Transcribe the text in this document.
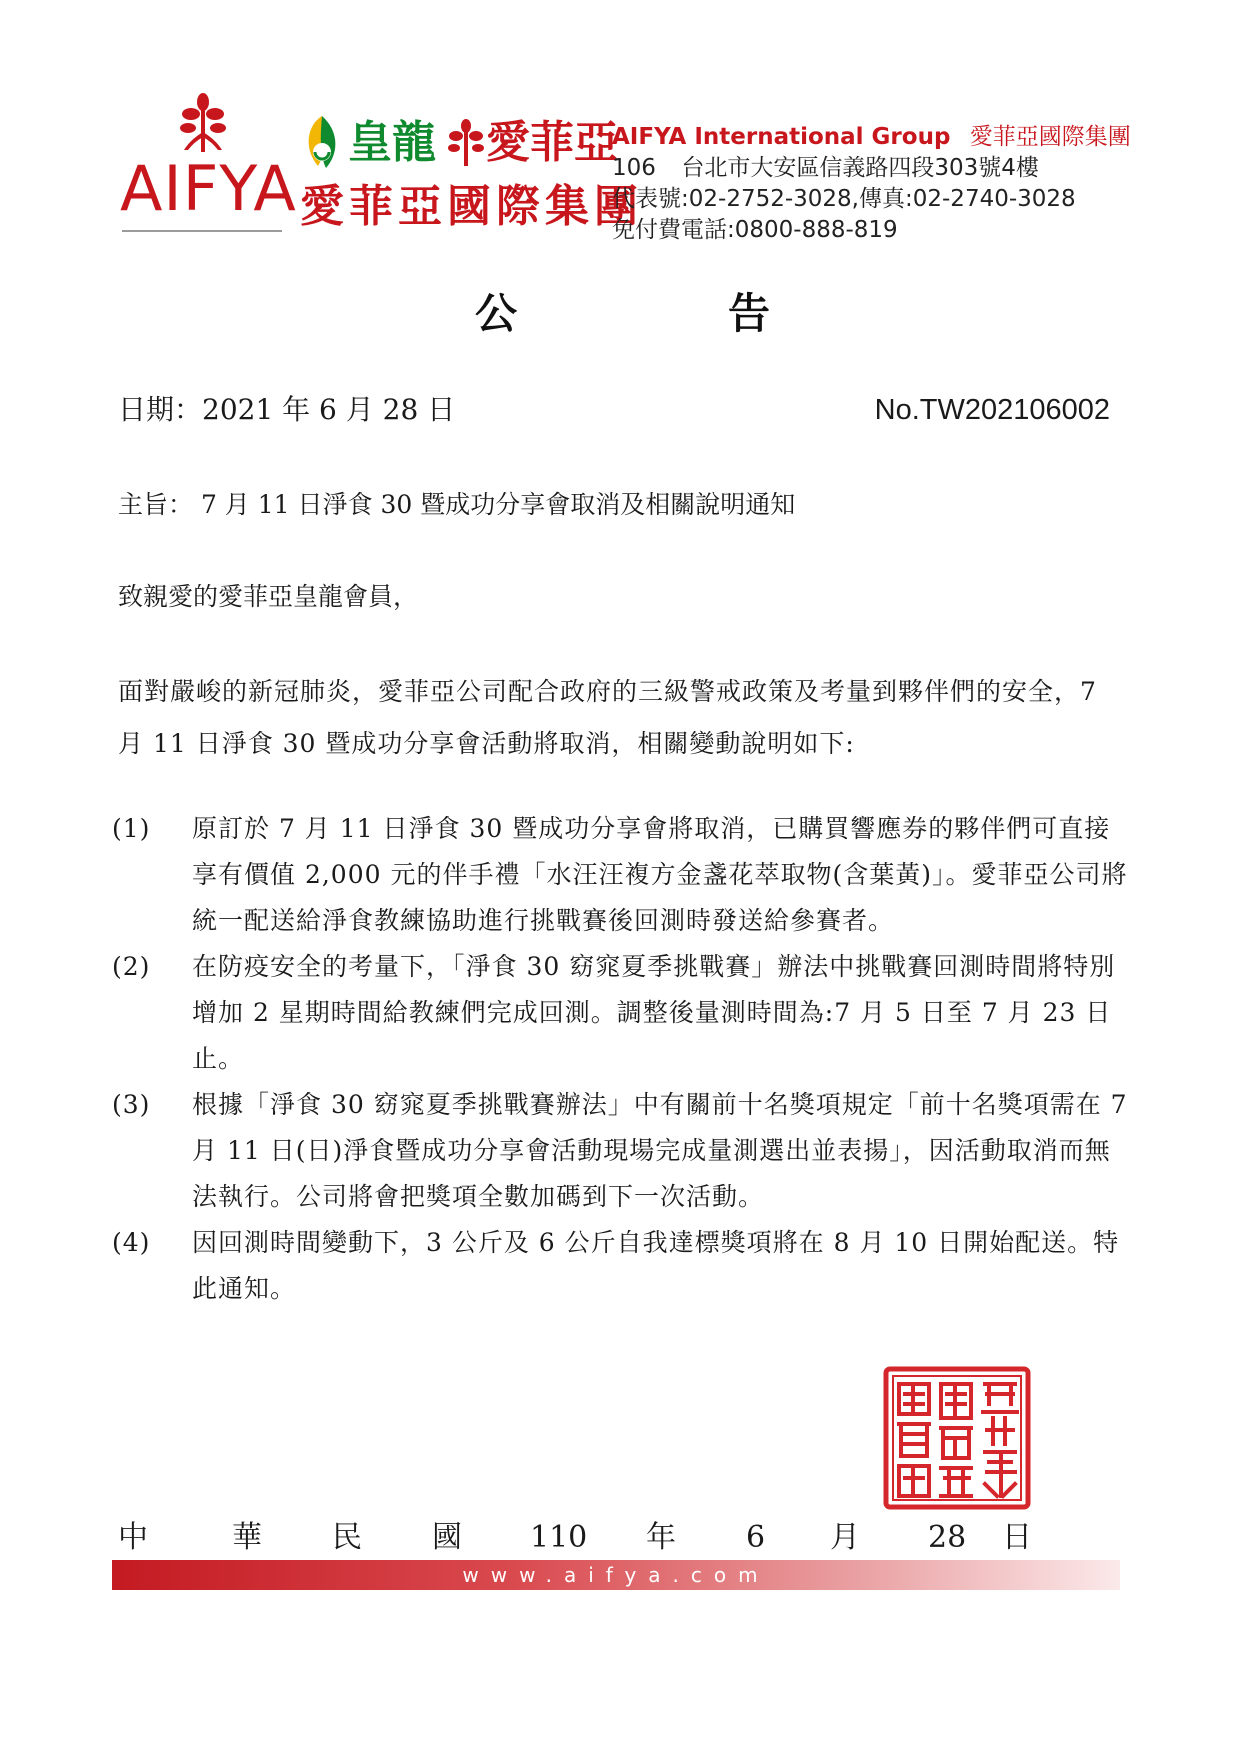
AIFYA
皇龍 愛菲亞
愛菲亞國際集團
AIFYA International Group 愛菲亞國際集團
106 台北市大安區信義路四段303號4樓
代表號:02-2752-3028,傳真:02-2740-3028
免付費電話:0800-888-819
公	告
日期：2021 年 6 月 28 日	No.TW202106002
主旨： 7 月 11 日淨食 30 暨成功分享會取消及相關說明通知
致親愛的愛菲亞皇龍會員，
面對嚴峻的新冠肺炎，愛菲亞公司配合政府的三級警戒政策及考量到夥伴們的安全，7 月 11 日淨食 30 暨成功分享會活動將取消，相關變動說明如下:
(1) 原訂於 7 月 11 日淨食 30 暨成功分享會將取消，已購買響應券的夥伴們可直接享有價值 2,000 元的伴手禮「水汪汪複方金盞花萃取物(含葉黃)」。愛菲亞公司將統一配送給淨食教練協助進行挑戰賽後回測時發送給參賽者。
(2) 在防疫安全的考量下，「淨食 30 窈窕夏季挑戰賽」辦法中挑戰賽回測時間將特別增加 2 星期時間給教練們完成回測。調整後量測時間為:7 月 5 日至 7 月 23 日止。
(3) 根據「淨食 30 窈窕夏季挑戰賽辦法」中有關前十名獎項規定「前十名獎項需在 7 月 11 日(日)淨食暨成功分享會活動現場完成量測選出並表揚」，因活動取消而無法執行。公司將會把獎項全數加碼到下一次活動。
(4) 因回測時間變動下，3 公斤及 6 公斤自我達標獎項將在 8 月 10 日開始配送。特此通知。
中	華 民 國 110 年 6 月 28 日
www.aifya.com
